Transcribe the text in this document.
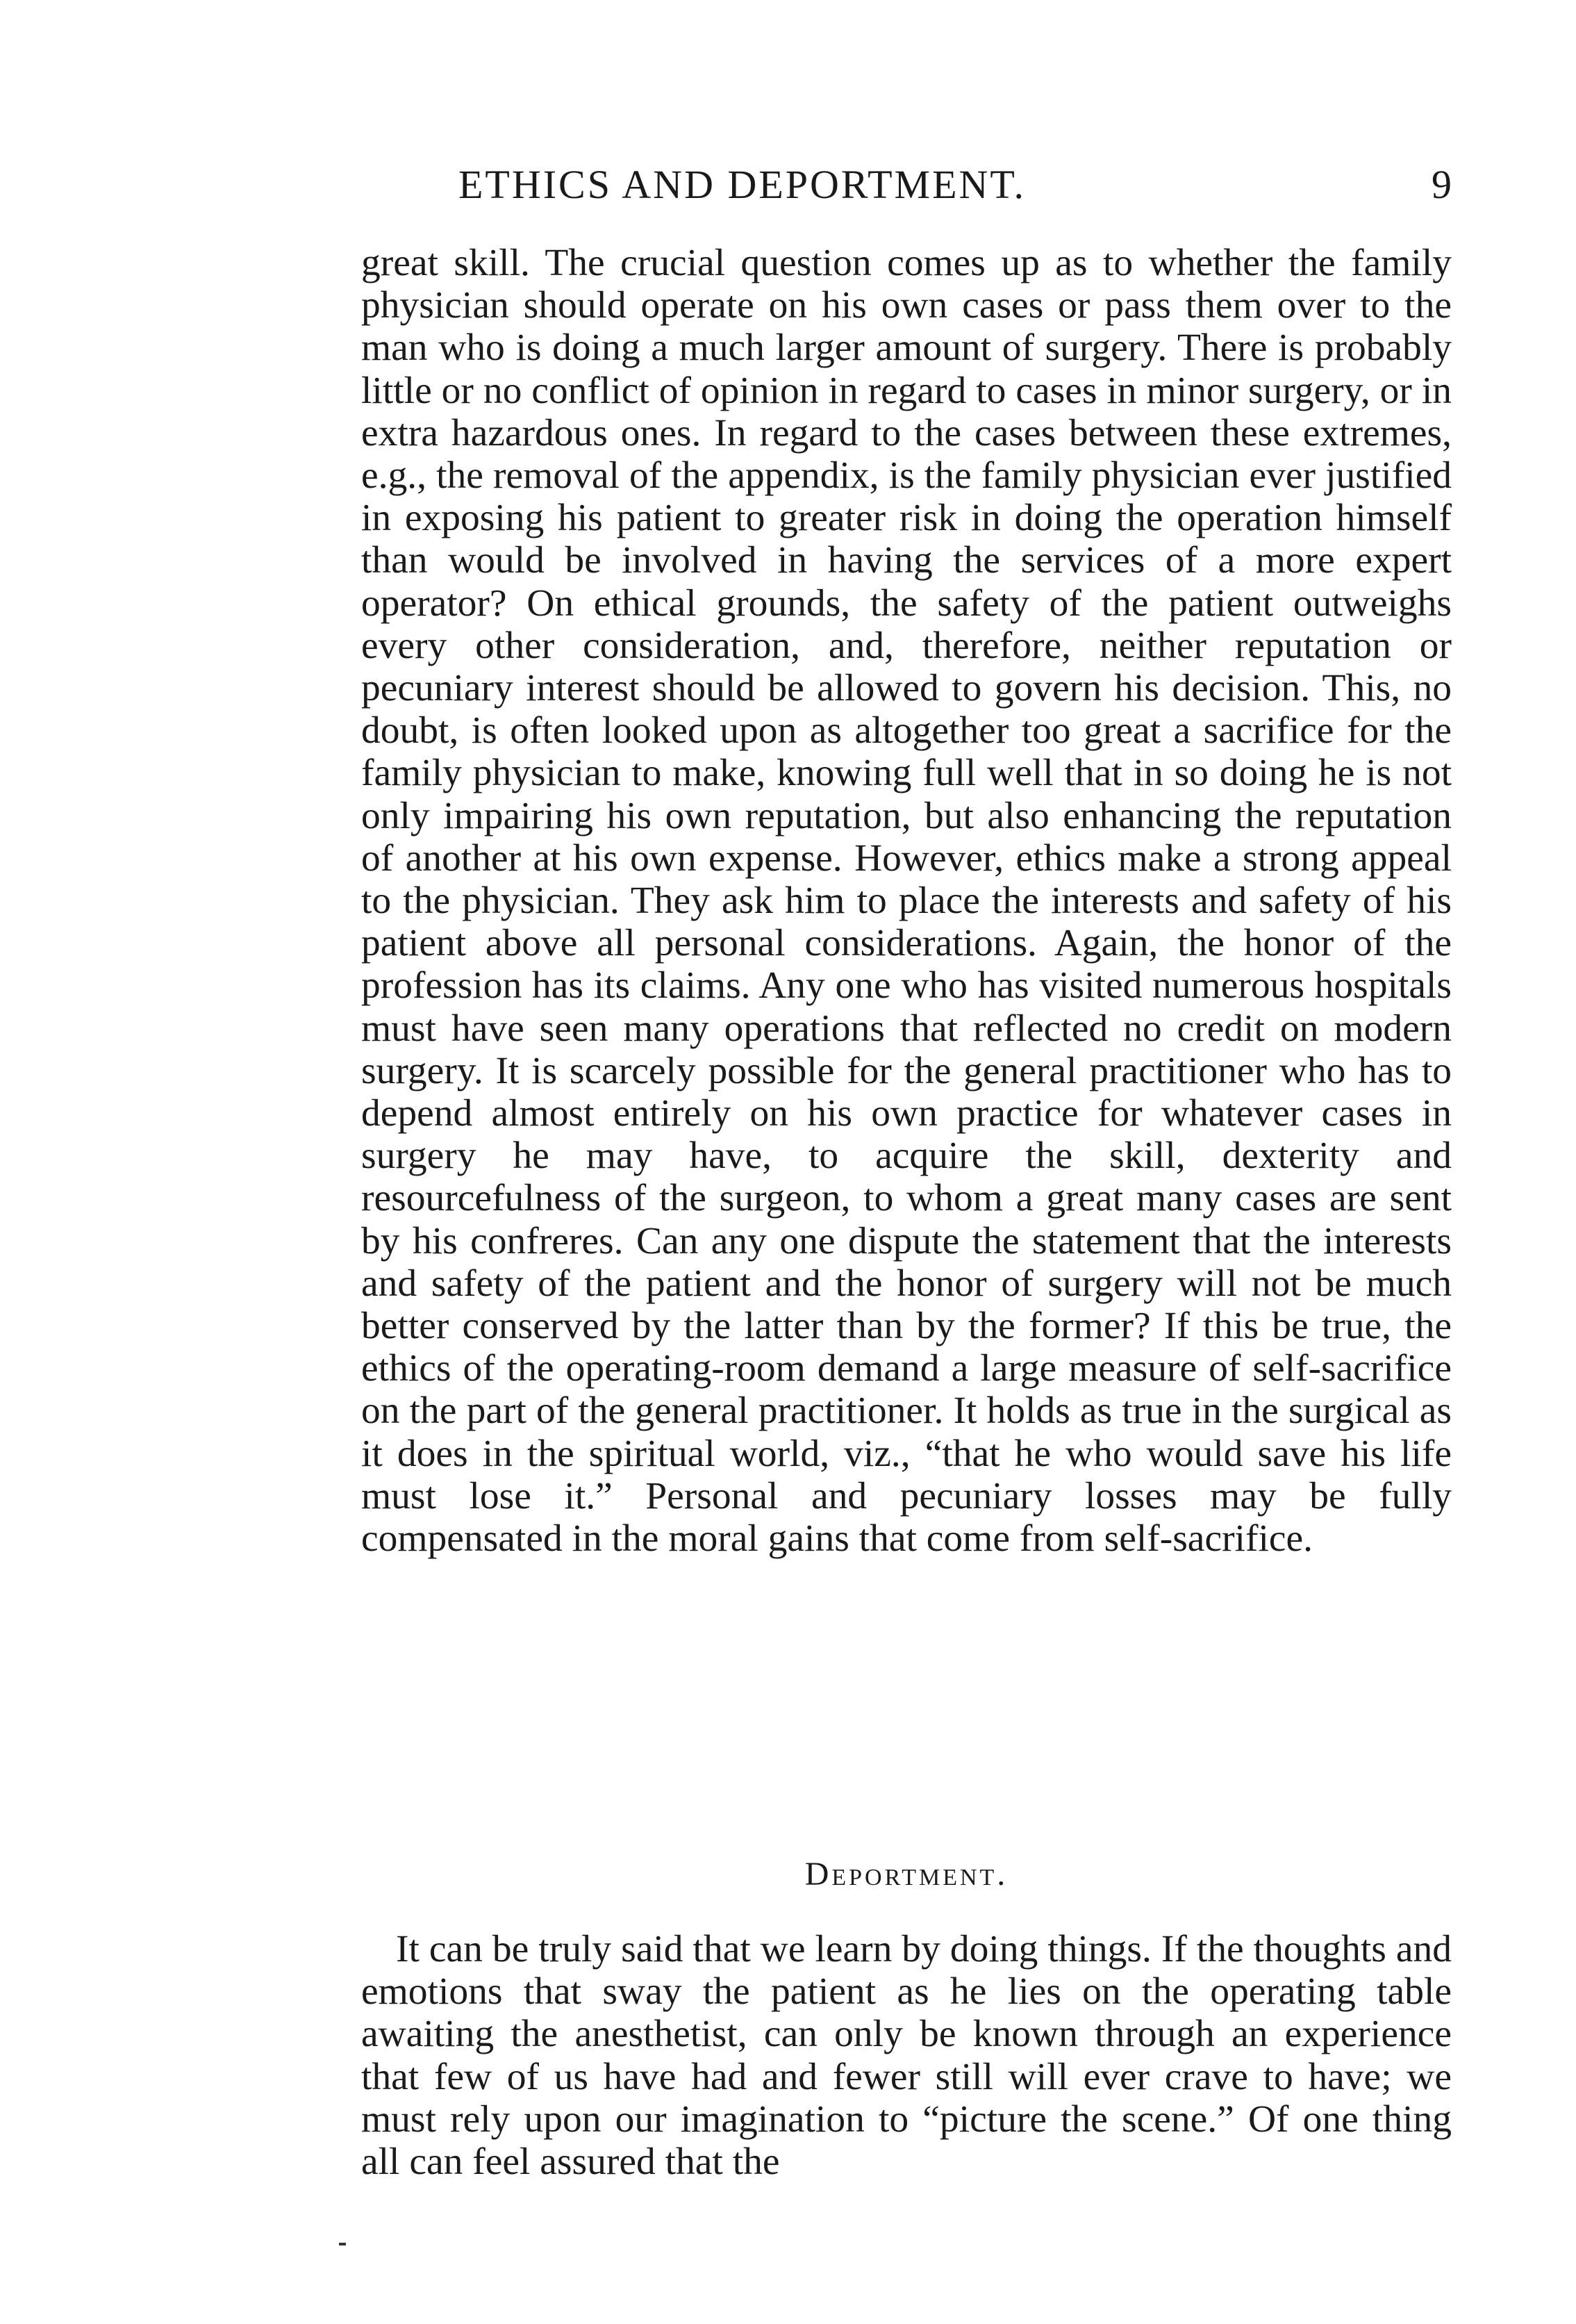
ETHICS AND DEPORTMENT.	9

great skill. The crucial question comes up as to whether the family physician should operate on his own cases or pass them over to the man who is doing a much larger amount of surgery. There is probably little or no conflict of opinion in regard to cases in minor surgery, or in extra hazardous ones. In regard to the cases between these extremes, e.g., the removal of the appendix, is the family physician ever justified in exposing his patient to greater risk in doing the operation himself than would be involved in having the services of a more expert operator? On ethical grounds, the safety of the patient outweighs every other consideration, and, therefore, neither reputation or pecuniary interest should be allowed to govern his decision. This, no doubt, is often looked upon as altogether too great a sacrifice for the family physician to make, knowing full well that in so doing he is not only impairing his own reputation, but also enhancing the reputation of another at his own expense. However, ethics make a strong appeal to the physician. They ask him to place the interests and safety of his patient above all personal considerations. Again, the honor of the profession has its claims. Any one who has visited numerous hospitals must have seen many operations that reflected no credit on modern surgery. It is scarcely possible for the general practitioner who has to depend almost entirely on his own practice for whatever cases in surgery he may have, to acquire the skill, dexterity and resourcefulness of the surgeon, to whom a great many cases are sent by his confreres. Can any one dispute the statement that the interests and safety of the patient and the honor of surgery will not be much better conserved by the latter than by the former? If this be true, the ethics of the operating-room demand a large measure of self-sacrifice on the part of the general practitioner. It holds as true in the surgical as it does in the spiritual world, viz., “that he who would save his life must lose it.” Personal and pecuniary losses may be fully compensated in the moral gains that come from self-sacrifice.

Deportment.

It can be truly said that we learn by doing things. If the thoughts and emotions that sway the patient as he lies on the operating table awaiting the anesthetist, can only be known through an experience that few of us have had and fewer still will ever crave to have; we must rely upon our imagination to “picture the scene.” Of one thing all can feel assured that the
